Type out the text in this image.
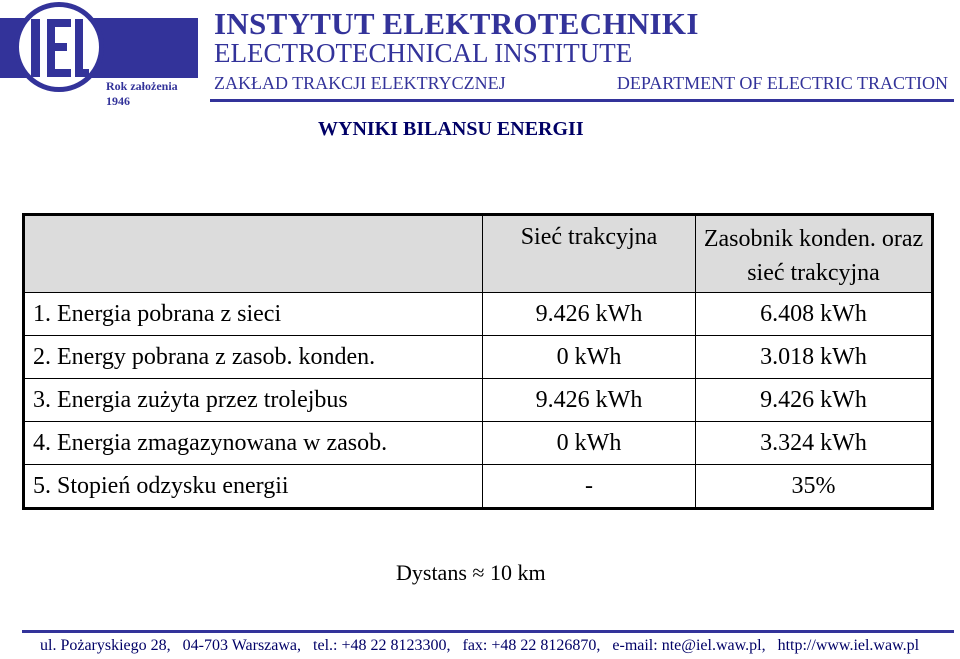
Rok założenia 1946
INSTYTUT ELEKTROTECHNIKI
ELECTROTECHNICAL INSTITUTE
ZAKŁAD TRAKCJI ELEKTRYCZNEJ	DEPARTMENT OF ELECTRIC TRACTION
WYNIKI BILANSU ENERGII
	Sieć trakcyjna	Zasobnik konden. oraz sieć trakcyjna
1. Energia pobrana z sieci	9.426 kWh	6.408 kWh
2. Energy pobrana z zasob. konden.	0 kWh	3.018 kWh
3. Energia zużyta przez trolejbus	9.426 kWh	9.426 kWh
4. Energia zmagazynowana w zasob.	0 kWh	3.324 kWh
5. Stopień odzysku energii	-	35%
Dystans ≈ 10 km
ul. Pożaryskiego 28,   04-703 Warszawa,   tel.: +48 22 8123300,   fax: +48 22 8126870,   e-mail: nte@iel.waw.pl,   http://www.iel.waw.pl
